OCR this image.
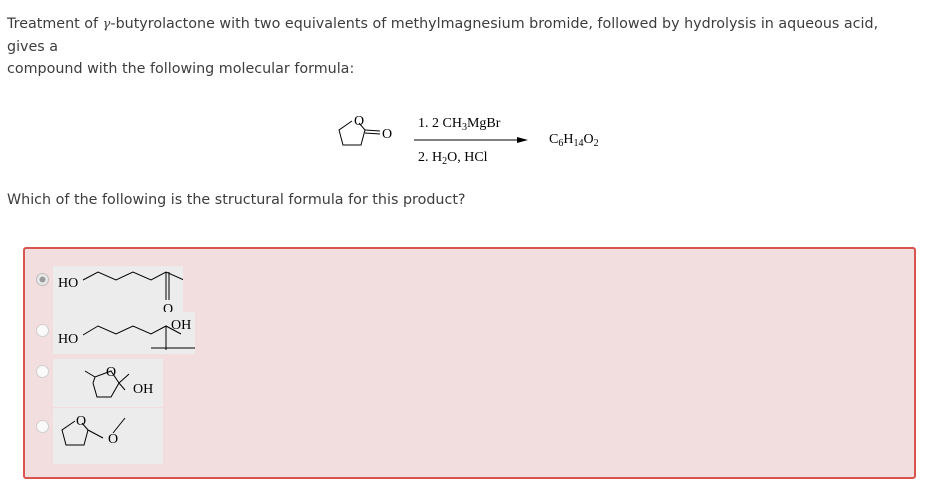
Treatment of γ-butyrolactone with two equivalents of methylmagnesium bromide, followed by hydrolysis in aqueous acid, gives a
compound with the following molecular formula:
O
O
1. 2 $CH_3MgBr$
2. $H_2O$, HCl
$C_6H_{14}O_2$
Which of the following is the structural formula for this product?
HO
O
HO
OH
O
OH
O
O
